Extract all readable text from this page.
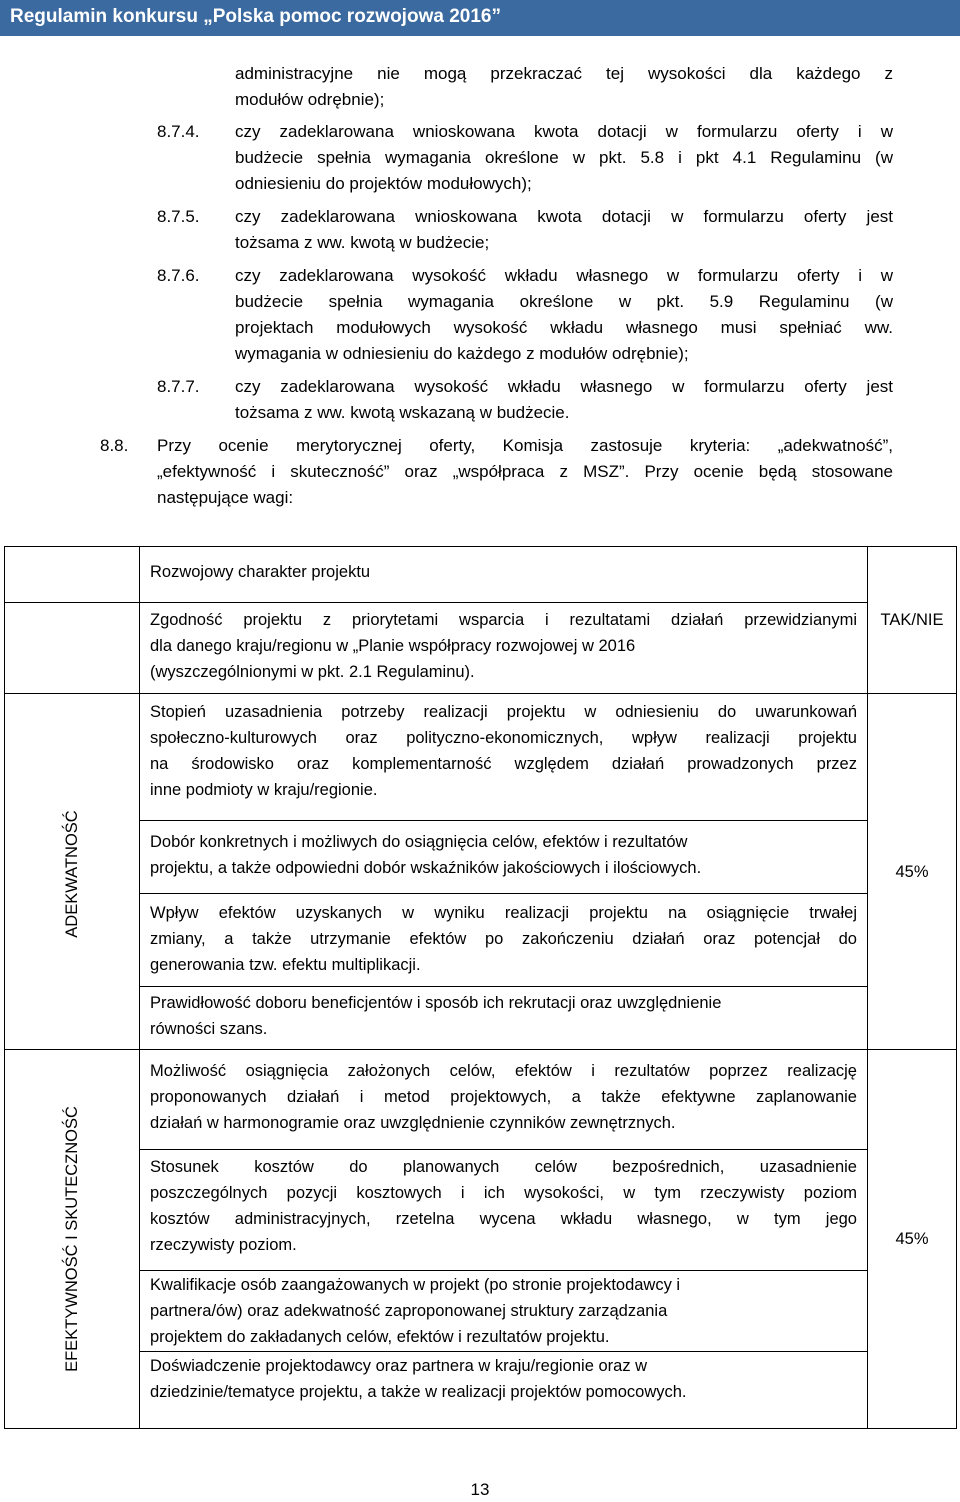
Regulamin konkursu „Polska pomoc rozwojowa 2016”
administracyjne nie mogą przekraczać tej wysokości dla każdego z
modułów odrębnie);
8.7.4. czy zadeklarowana wnioskowana kwota dotacji w formularzu oferty i w
budżecie spełnia wymagania określone w pkt. 5.8 i pkt 4.1 Regulaminu (w
odniesieniu do projektów modułowych);
8.7.5. czy zadeklarowana wnioskowana kwota dotacji w formularzu oferty jest
tożsama z ww. kwotą w budżecie;
8.7.6. czy zadeklarowana wysokość wkładu własnego w formularzu oferty i w
budżecie spełnia wymagania określone w pkt. 5.9 Regulaminu (w
projektach modułowych wysokość wkładu własnego musi spełniać ww.
wymagania w odniesieniu do każdego z modułów odrębnie);
8.7.7. czy zadeklarowana wysokość wkładu własnego w formularzu oferty jest
tożsama z ww. kwotą wskazaną w budżecie.
8.8. Przy ocenie merytorycznej oferty, Komisja zastosuje kryteria: „adekwatność”,
„efektywność i skuteczność” oraz „współpraca z MSZ”. Przy ocenie będą stosowane
następujące wagi:

	Rozwojowy charakter projektu	TAK/NIE

	Zgodność projektu z priorytetami wsparcia i rezultatami działań przewidzianymi
dla danego kraju/regionu w „Planie współpracy rozwojowej w 2016
(wyszczególnionymi w pkt. 2.1 Regulaminu).	

ADEKWATNOŚĆ	Stopień uzasadnienia potrzeby realizacji projektu w odniesieniu do uwarunkowań
społeczno-kulturowych oraz polityczno-ekonomicznych, wpływ realizacji projektu
na środowisko oraz komplementarność względem działań prowadzonych przez
inne podmioty w kraju/regionie.	45%

	Dobór konkretnych i możliwych do osiągnięcia celów, efektów i rezultatów
projektu, a także odpowiedni dobór wskaźników jakościowych i ilościowych.	

	Wpływ efektów uzyskanych w wyniku realizacji projektu na osiągnięcie trwałej
zmiany, a także utrzymanie efektów po zakończeniu działań oraz potencjał do
generowania tzw. efektu multiplikacji.	

	Prawidłowość doboru beneficjentów i sposób ich rekrutacji oraz uwzględnienie
równości szans.	

EFEKTYWNOŚĆ I SKUTECZNOŚĆ	Możliwość osiągnięcia założonych celów, efektów i rezultatów poprzez realizację
proponowanych działań i metod projektowych, a także efektywne zaplanowanie
działań w harmonogramie oraz uwzględnienie czynników zewnętrznych.	45%

	Stosunek kosztów do planowanych celów bezpośrednich, uzasadnienie
poszczególnych pozycji kosztowych i ich wysokości, w tym rzeczywisty poziom
kosztów administracyjnych, rzetelna wycena wkładu własnego, w tym jego
rzeczywisty poziom.	

	Kwalifikacje osób zaangażowanych w projekt (po stronie projektodawcy i
partnera/ów) oraz adekwatność zaproponowanej struktury zarządzania
projektem do zakładanych celów, efektów i rezultatów projektu.	

	Doświadczenie projektodawcy oraz partnera w kraju/regionie oraz w
dziedzinie/tematyce projektu, a także w realizacji projektów pomocowych.	
13
